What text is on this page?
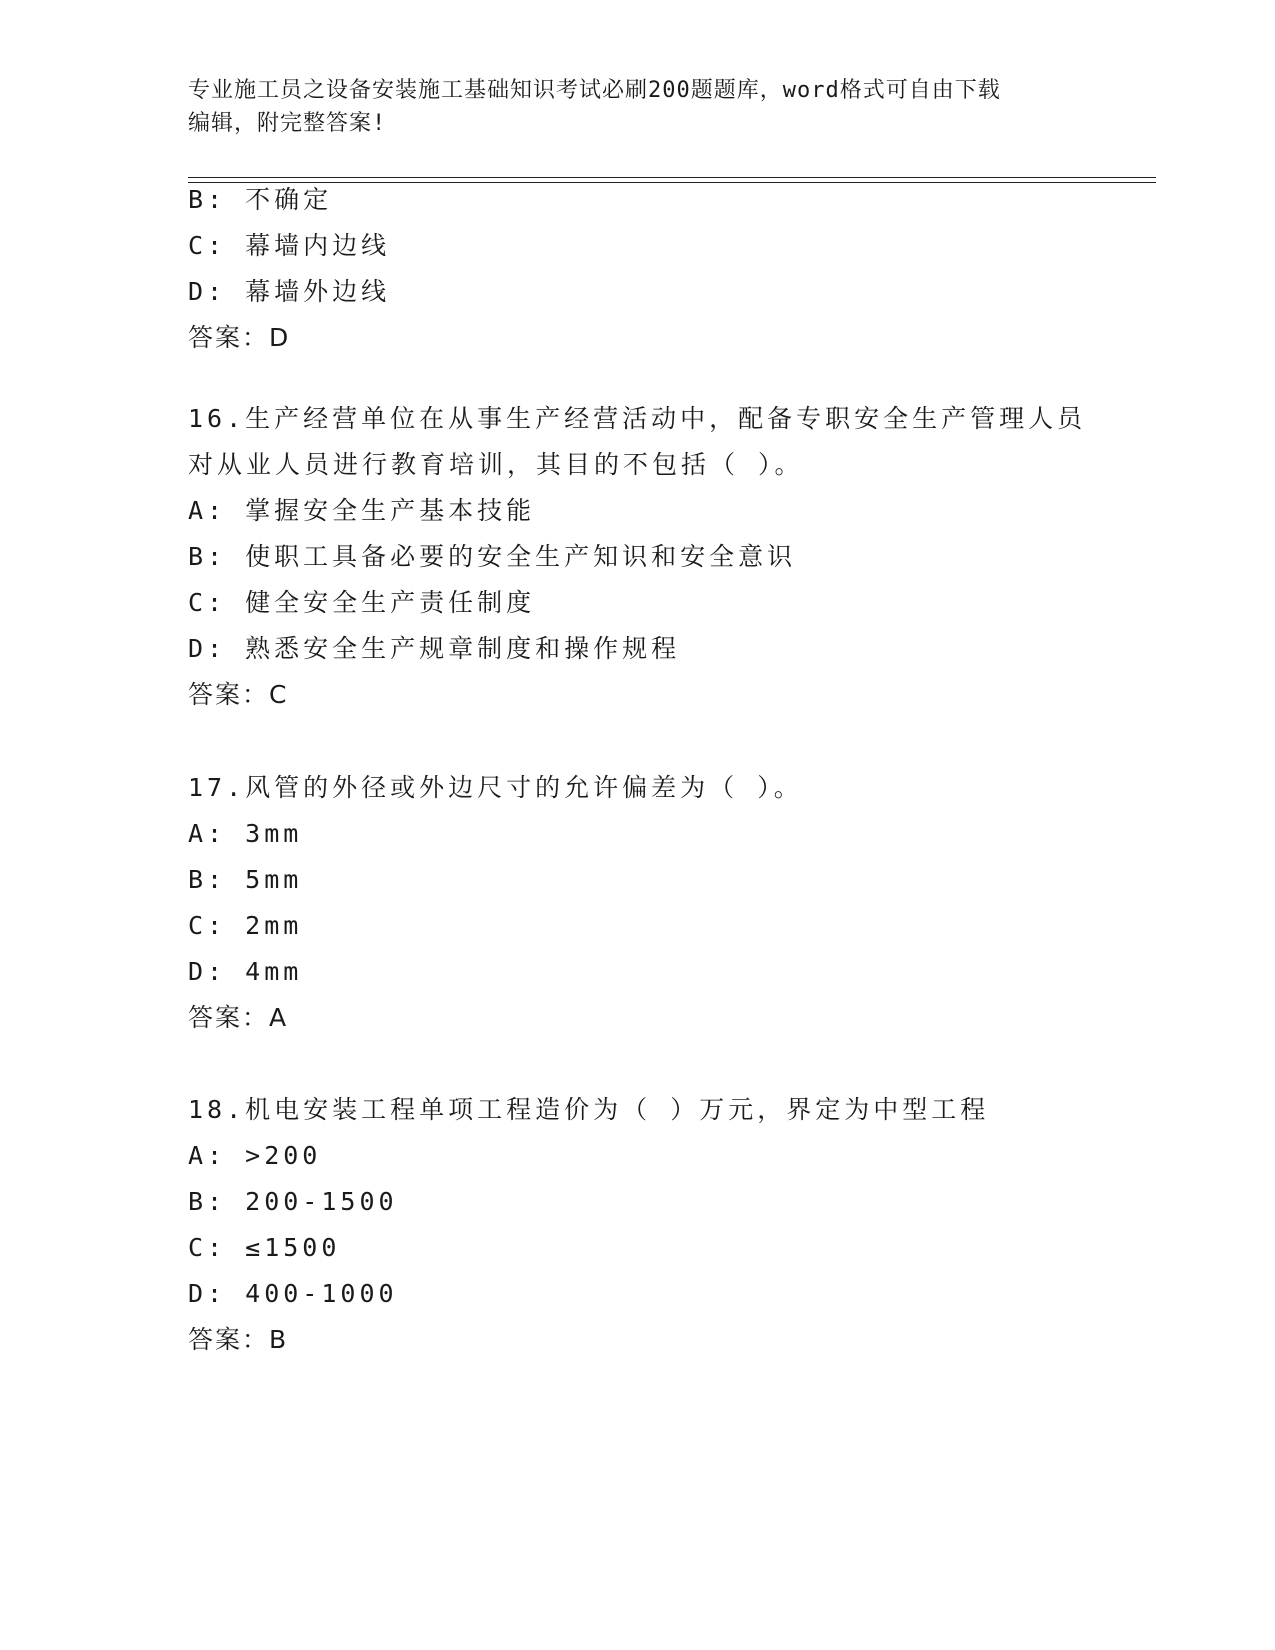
专业施工员之设备安装施工基础知识考试必刷200题题库，word格式可自由下载
编辑，附完整答案!
B: 不确定
C: 幕墙内边线
D: 幕墙外边线
答案：D
16.生产经营单位在从事生产经营活动中，配备专职安全生产管理人员
对从业人员进行教育培训，其目的不包括（ ）。
A: 掌握安全生产基本技能
B: 使职工具备必要的安全生产知识和安全意识
C: 健全安全生产责任制度
D: 熟悉安全生产规章制度和操作规程
答案：C
17.风管的外径或外边尺寸的允许偏差为（ ）。
A: 3mm
B: 5mm
C: 2mm
D: 4mm
答案：A
18.机电安装工程单项工程造价为（ ）万元，界定为中型工程
A: >200
B: 200-1500
C: ≤1500
D: 400-1000
答案：B
